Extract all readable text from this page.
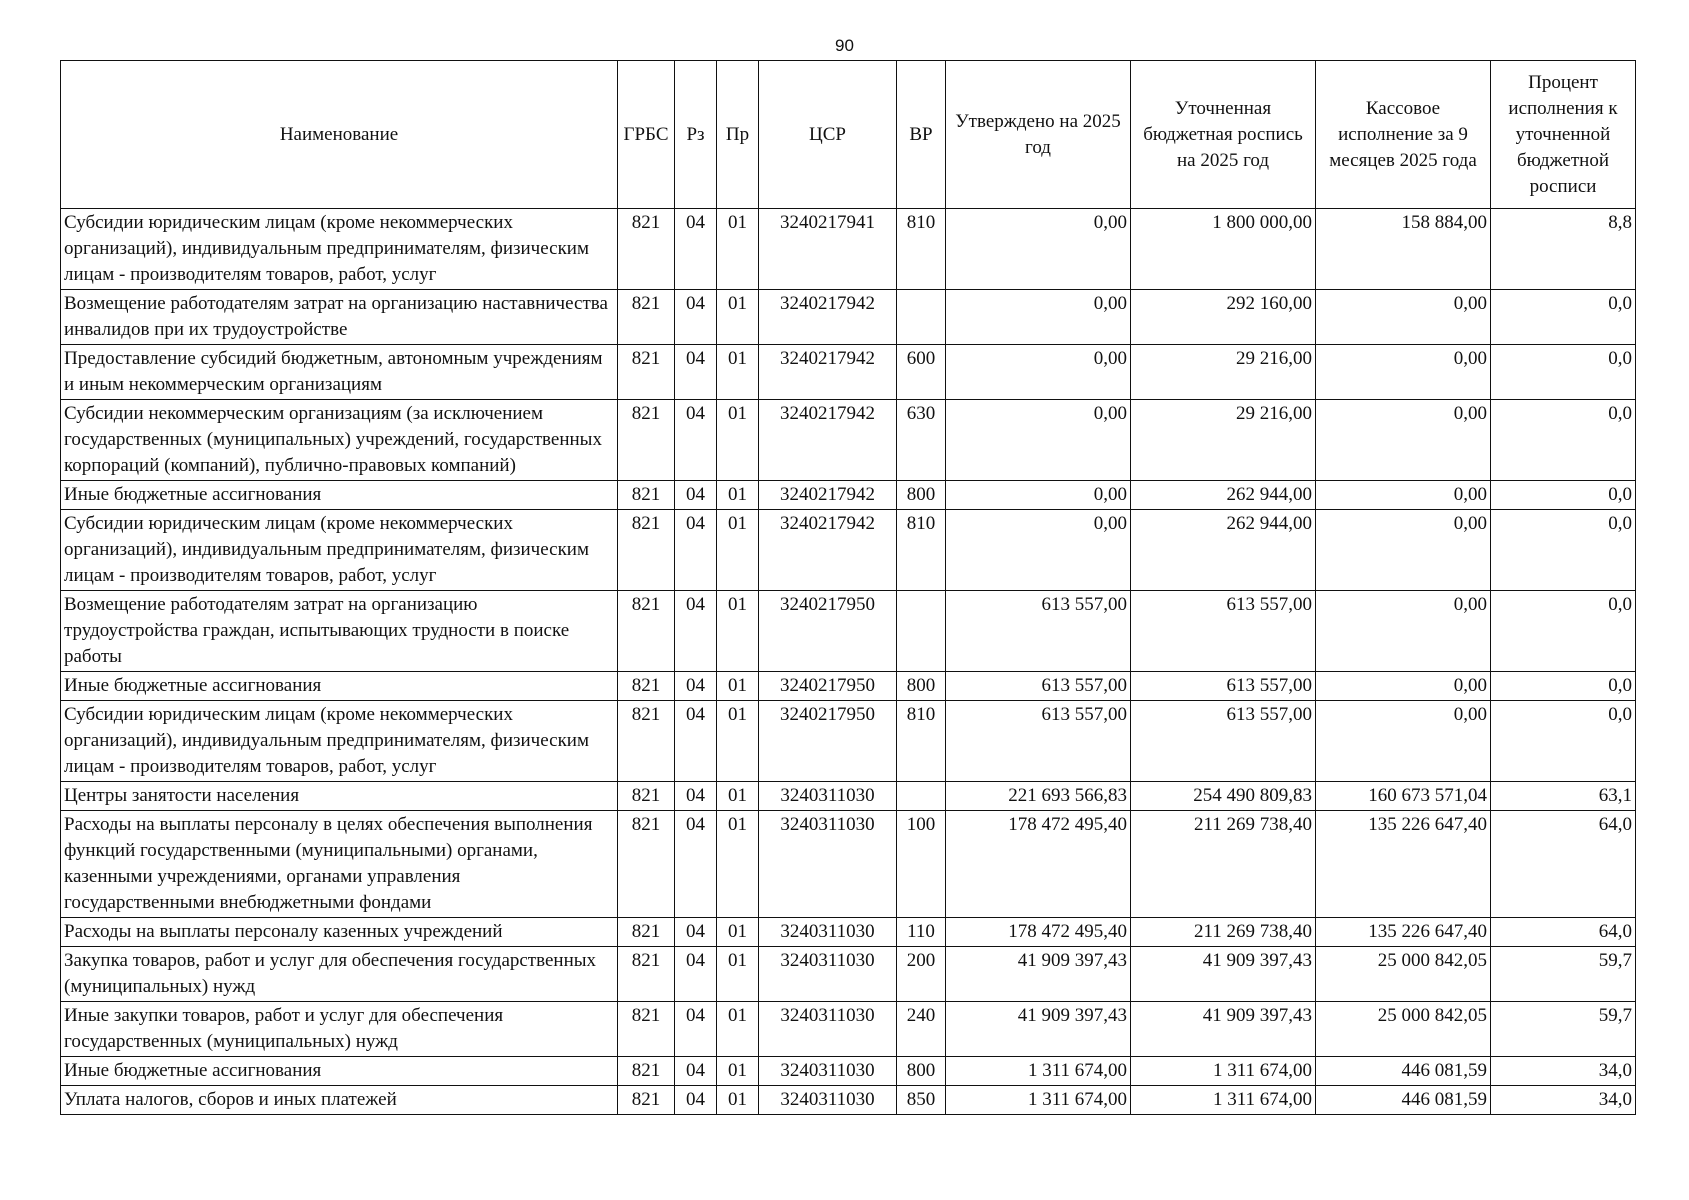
90
Наименование	ГРБС	Рз	Пр	ЦСР	ВР	Утверждено на 2025 год	Уточненная бюджетная роспись на 2025 год	Кассовое исполнение за 9 месяцев 2025 года	Процент исполнения к уточненной бюджетной росписи
Субсидии юридическим лицам (кроме некоммерческих организаций), индивидуальным предпринимателям, физическим лицам - производителям товаров, работ, услуг	821	04	01	3240217941	810	0,00	1 800 000,00	158 884,00	8,8
Возмещение работодателям затрат на организацию наставничества инвалидов при их трудоустройстве	821	04	01	3240217942		0,00	292 160,00	0,00	0,0
Предоставление субсидий бюджетным, автономным учреждениям и иным некоммерческим организациям	821	04	01	3240217942	600	0,00	29 216,00	0,00	0,0
Субсидии некоммерческим организациям (за исключением государственных (муниципальных) учреждений, государственных корпораций (компаний), публично-правовых компаний)	821	04	01	3240217942	630	0,00	29 216,00	0,00	0,0
Иные бюджетные ассигнования	821	04	01	3240217942	800	0,00	262 944,00	0,00	0,0
Субсидии юридическим лицам (кроме некоммерческих организаций), индивидуальным предпринимателям, физическим лицам - производителям товаров, работ, услуг	821	04	01	3240217942	810	0,00	262 944,00	0,00	0,0
Возмещение работодателям затрат на организацию трудоустройства граждан, испытывающих трудности в поиске работы	821	04	01	3240217950		613 557,00	613 557,00	0,00	0,0
Иные бюджетные ассигнования	821	04	01	3240217950	800	613 557,00	613 557,00	0,00	0,0
Субсидии юридическим лицам (кроме некоммерческих организаций), индивидуальным предпринимателям, физическим лицам - производителям товаров, работ, услуг	821	04	01	3240217950	810	613 557,00	613 557,00	0,00	0,0
Центры занятости населения	821	04	01	3240311030		221 693 566,83	254 490 809,83	160 673 571,04	63,1
Расходы на выплаты персоналу в целях обеспечения выполнения функций государственными (муниципальными) органами, казенными учреждениями, органами управления государственными внебюджетными фондами	821	04	01	3240311030	100	178 472 495,40	211 269 738,40	135 226 647,40	64,0
Расходы на выплаты персоналу казенных учреждений	821	04	01	3240311030	110	178 472 495,40	211 269 738,40	135 226 647,40	64,0
Закупка товаров, работ и услуг для обеспечения государственных (муниципальных) нужд	821	04	01	3240311030	200	41 909 397,43	41 909 397,43	25 000 842,05	59,7
Иные закупки товаров, работ и услуг для обеспечения государственных (муниципальных) нужд	821	04	01	3240311030	240	41 909 397,43	41 909 397,43	25 000 842,05	59,7
Иные бюджетные ассигнования	821	04	01	3240311030	800	1 311 674,00	1 311 674,00	446 081,59	34,0
Уплата налогов, сборов и иных платежей	821	04	01	3240311030	850	1 311 674,00	1 311 674,00	446 081,59	34,0
